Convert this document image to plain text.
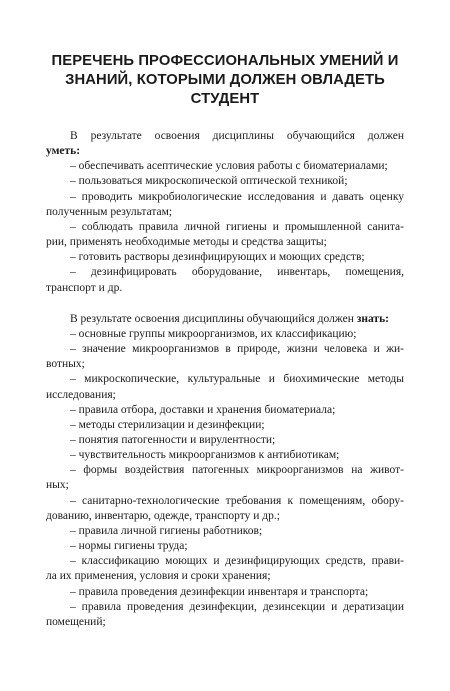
ПЕРЕЧЕНЬ ПРОФЕССИОНАЛЬНЫХ УМЕНИЙ И
ЗНАНИЙ, КОТОРЫМИ ДОЛЖЕН ОВЛАДЕТЬ
СТУДЕНТ
В результате освоения дисциплины обучающийся должен
уметь:
– обеспечивать асептические условия работы с биоматериалами;
– пользоваться микроскопической оптической техникой;
– проводить микробиологические исследования и давать оценку
полученным результатам;
– соблюдать правила личной гигиены и промышленной санита-
рии, применять необходимые методы и средства защиты;
– готовить растворы дезинфицирующих и моющих средств;
– дезинфицировать оборудование, инвентарь, помещения,
транспорт и др.
В результате освоения дисциплины обучающийся должен знать:
– основные группы микроорганизмов, их классификацию;
– значение микроорганизмов в природе, жизни человека и жи-
вотных;
– микроскопические, культуральные и биохимические методы
исследования;
– правила отбора, доставки и хранения биоматериала;
– методы стерилизации и дезинфекции;
– понятия патогенности и вирулентности;
– чувствительность микроорганизмов к антибиотикам;
– формы воздействия патогенных микроорганизмов на живот-
ных;
– санитарно-технологические требования к помещениям, обору-
дованию, инвентарю, одежде, транспорту и др.;
– правила личной гигиены работников;
– нормы гигиены труда;
– классификацию моющих и дезинфицирующих средств, прави-
ла их применения, условия и сроки хранения;
– правила проведения дезинфекции инвентаря и транспорта;
– правила проведения дезинфекции, дезинсекции и дератизации
помещений;
